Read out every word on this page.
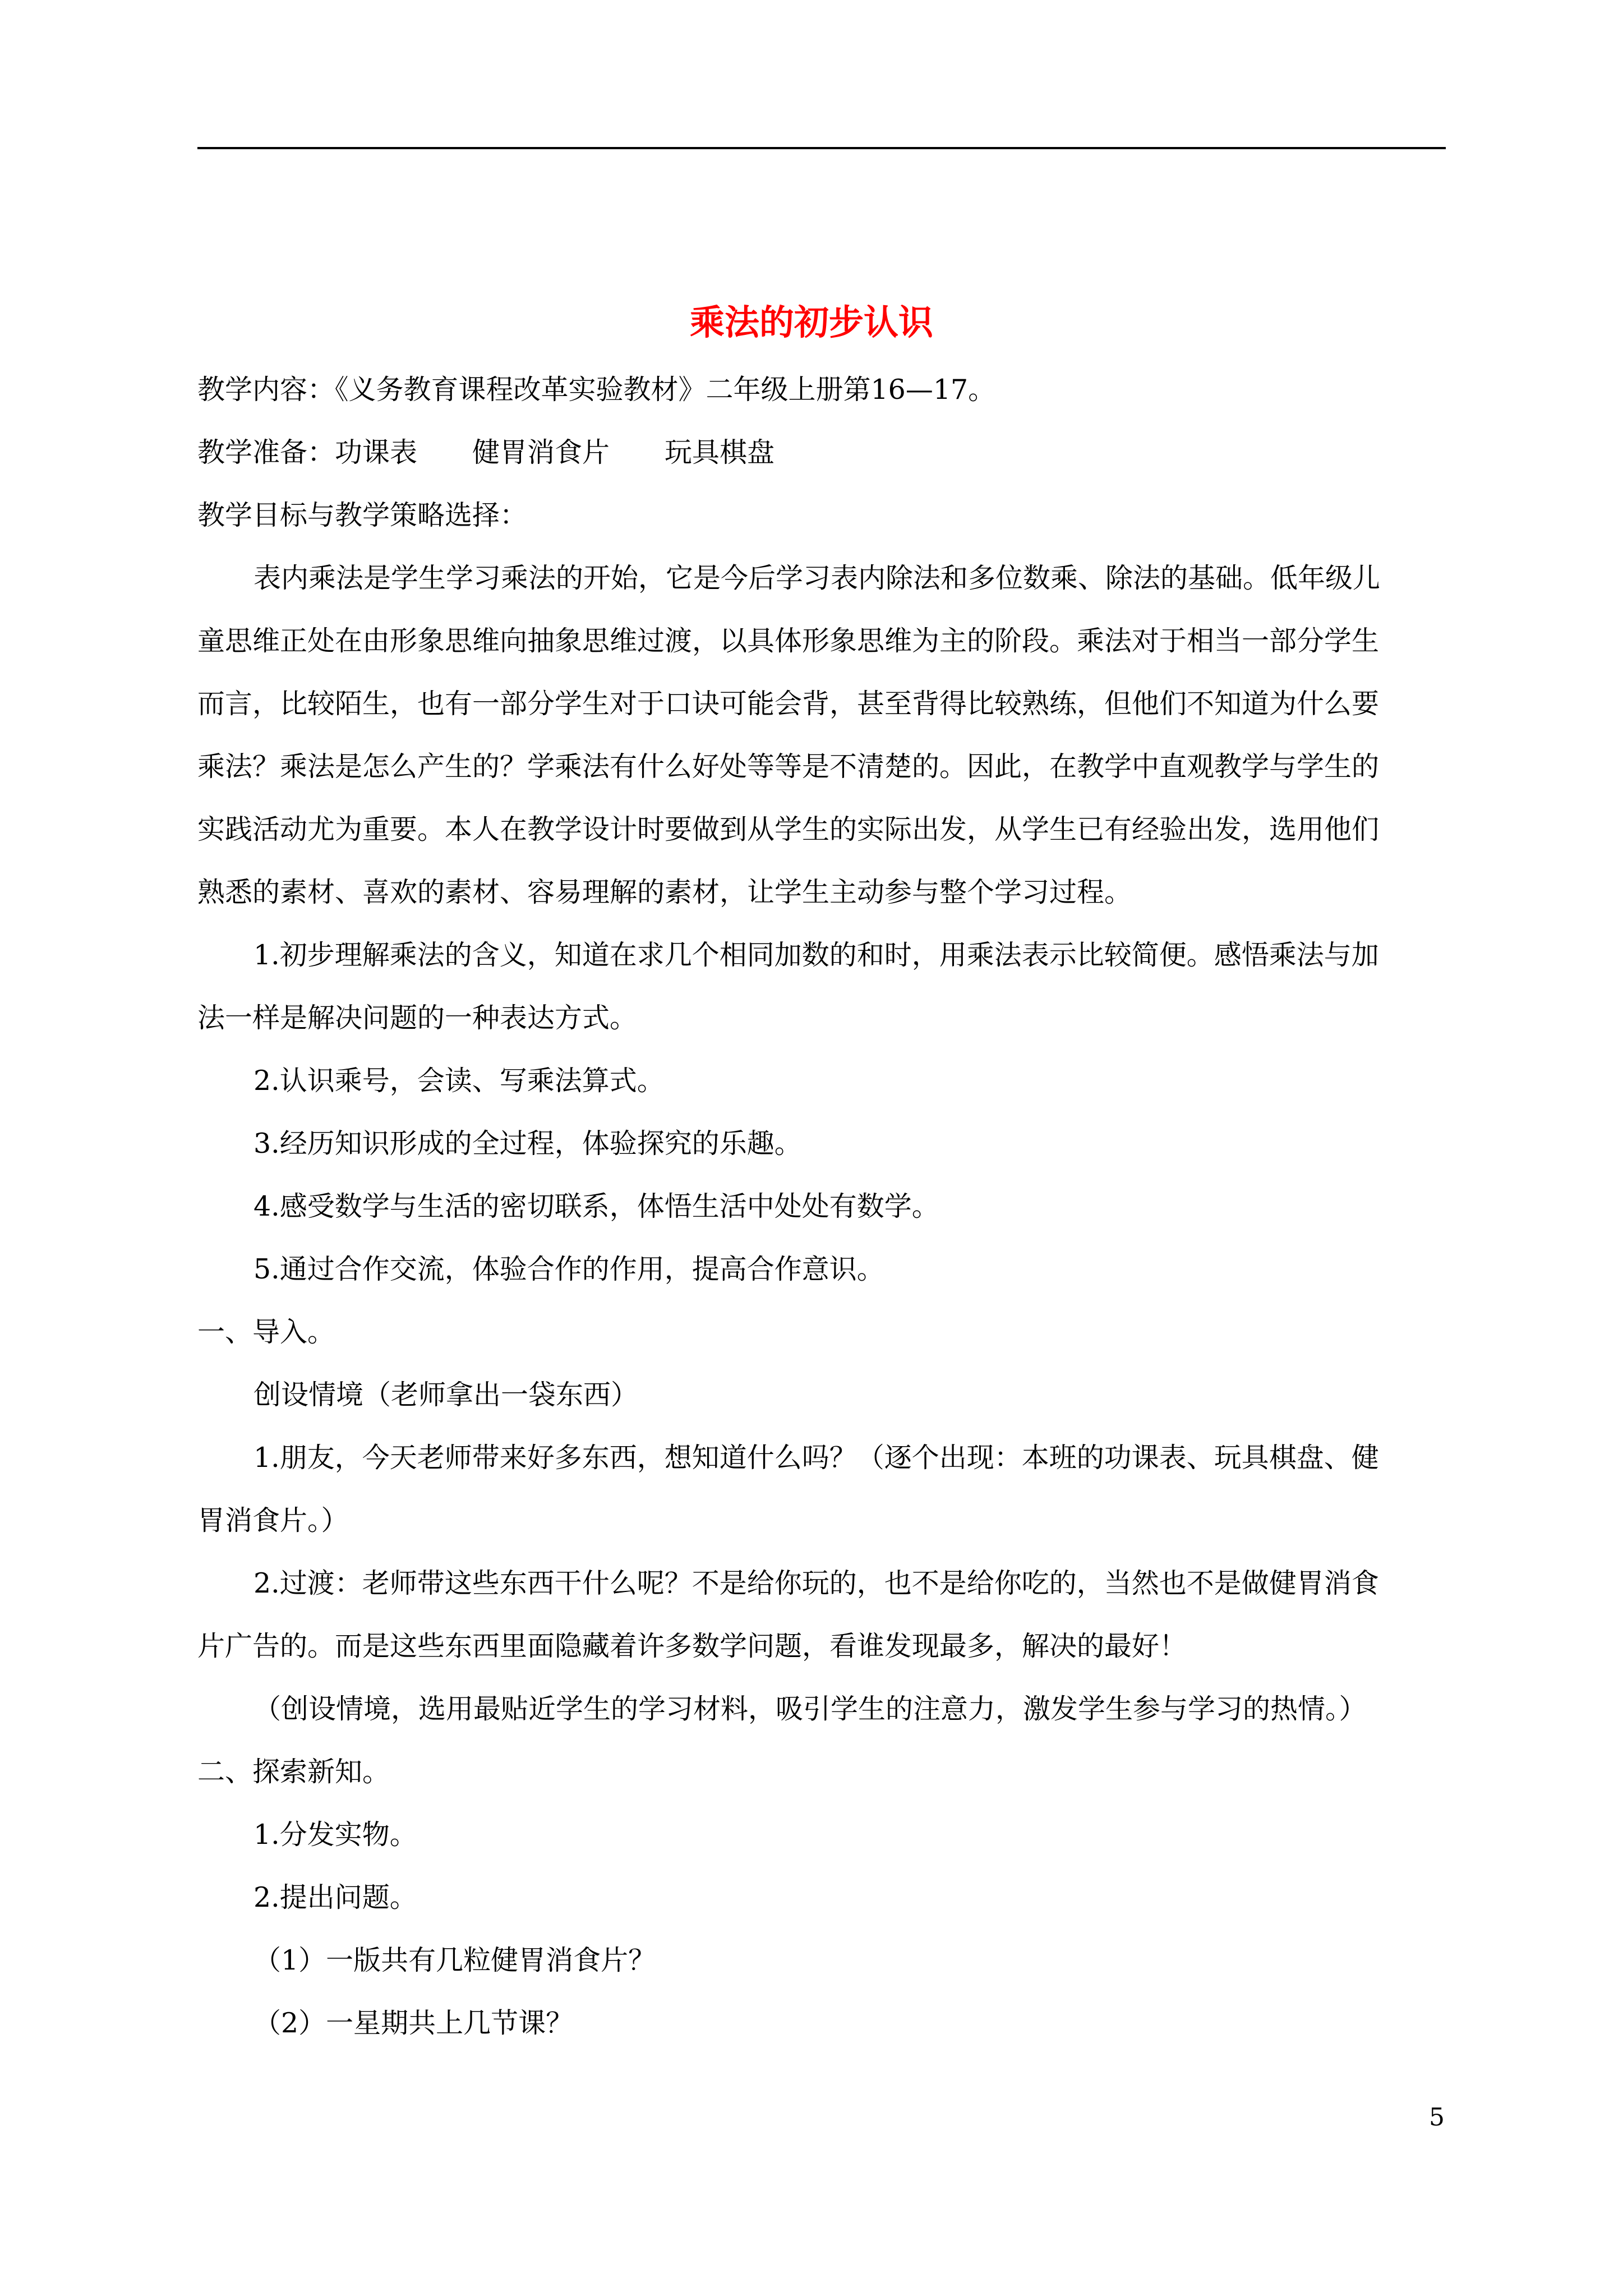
乘法的初步认识

教学内容：《义务教育课程改革实验教材》二年级上册第16—17。

教学准备：功课表　　健胃消食片　　玩具棋盘

教学目标与教学策略选择：

表内乘法是学生学习乘法的开始，它是今后学习表内除法和多位数乘、除法的基础。低年级儿

童思维正处在由形象思维向抽象思维过渡，以具体形象思维为主的阶段。乘法对于相当一部分学生

而言，比较陌生，也有一部分学生对于口诀可能会背，甚至背得比较熟练，但他们不知道为什么要

乘法？乘法是怎么产生的？学乘法有什么好处等等是不清楚的。因此，在教学中直观教学与学生的

实践活动尤为重要。本人在教学设计时要做到从学生的实际出发，从学生已有经验出发，选用他们

熟悉的素材、喜欢的素材、容易理解的素材，让学生主动参与整个学习过程。

1.初步理解乘法的含义，知道在求几个相同加数的和时，用乘法表示比较简便。感悟乘法与加

法一样是解决问题的一种表达方式。

2.认识乘号，会读、写乘法算式。

3.经历知识形成的全过程，体验探究的乐趣。

4.感受数学与生活的密切联系，体悟生活中处处有数学。

5.通过合作交流，体验合作的作用，提高合作意识。

一、导入。

创设情境（老师拿出一袋东西）

1.朋友，今天老师带来好多东西，想知道什么吗？（逐个出现：本班的功课表、玩具棋盘、健

胃消食片。）

2.过渡：老师带这些东西干什么呢？不是给你玩的，也不是给你吃的，当然也不是做健胃消食

片广告的。而是这些东西里面隐藏着许多数学问题，看谁发现最多，解决的最好！

（创设情境，选用最贴近学生的学习材料，吸引学生的注意力，激发学生参与学习的热情。）

二、探索新知。

1.分发实物。

2.提出问题。

（1）一版共有几粒健胃消食片？

（2）一星期共上几节课？

5
